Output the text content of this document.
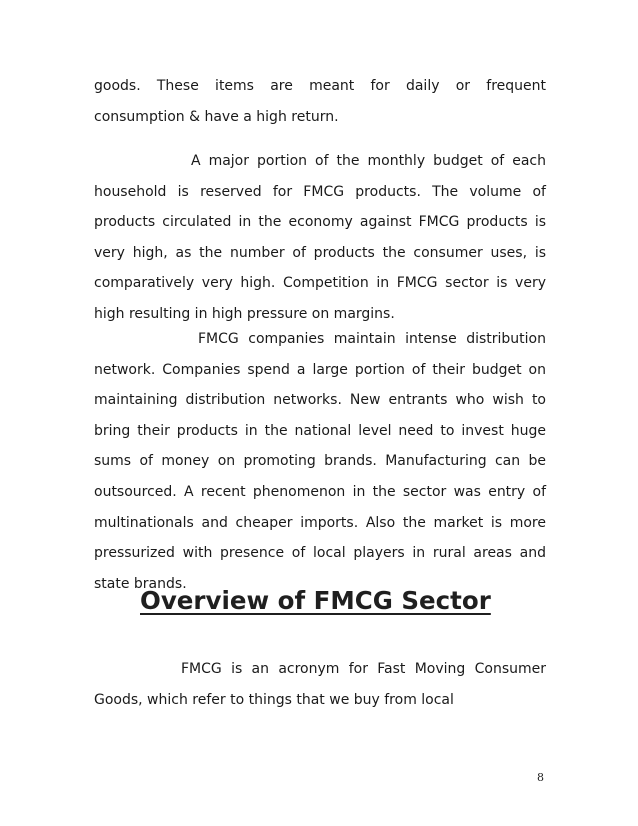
goods. These items are meant for daily or frequent consumption & have a high return.

A major portion of the monthly budget of each household is reserved for FMCG products. The volume of products circulated in the economy against FMCG products is very high, as the number of products the consumer uses, is comparatively very high. Competition in FMCG sector is very high resulting in high pressure on margins.

FMCG companies maintain intense distribution network. Companies spend a large portion of their budget on maintaining distribution networks. New entrants who wish to bring their products in the national level need to invest huge sums of money on promoting brands. Manufacturing can be outsourced. A recent phenomenon in the sector was entry of multinationals and cheaper imports. Also the market is more pressurized with presence of local players in rural areas and state brands.

Overview of FMCG Sector

FMCG is an acronym for Fast Moving Consumer Goods, which refer to things that we buy from local

8
